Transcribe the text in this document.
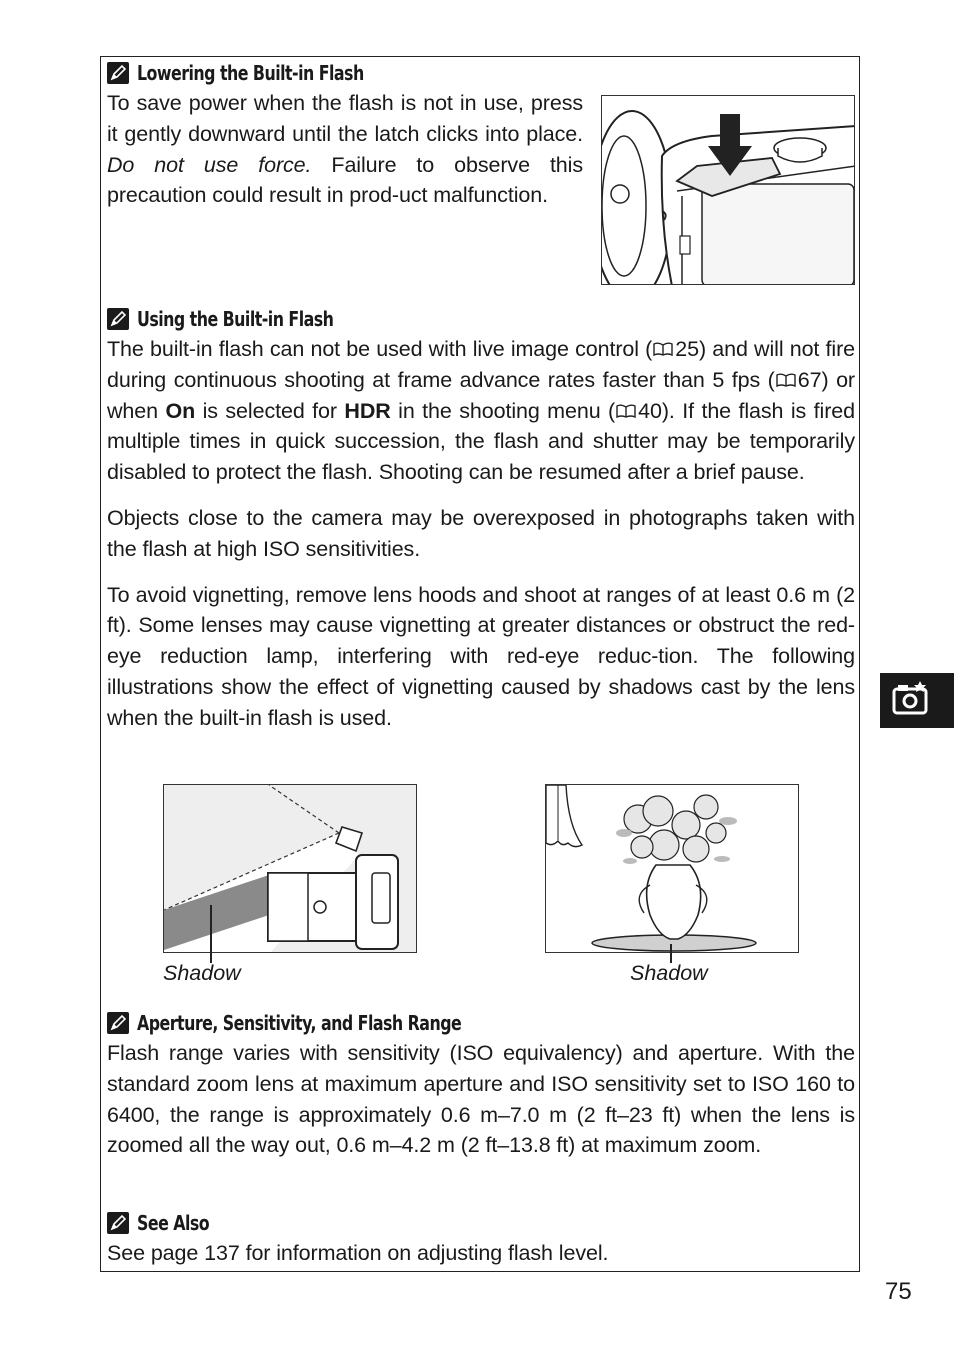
Lowering the Built-in Flash

To save power when the flash is not in use, press it gently downward until the latch clicks into place. Do not use force. Failure to observe this precaution could result in prod-uct malfunction.

Using the Built-in Flash

The built-in flash can not be used with live image control ( 25) and will not fire during continuous shooting at frame advance rates faster than 5 fps ( 67) or when On is selected for HDR in the shooting menu ( 40). If the flash is fired multiple times in quick succession, the flash and shutter may be temporarily disabled to protect the flash. Shooting can be resumed after a brief pause.

Objects close to the camera may be overexposed in photographs taken with the flash at high ISO sensitivities.

To avoid vignetting, remove lens hoods and shoot at ranges of at least 0.6 m (2 ft). Some lenses may cause vignetting at greater distances or obstruct the red-eye reduction lamp, interfering with red-eye reduc-tion. The following illustrations show the effect of vignetting caused by shadows cast by the lens when the built-in flash is used.

Shadow	Shadow
Aperture, Sensitivity, and Flash Range

Flash range varies with sensitivity (ISO equivalency) and aperture. With the standard zoom lens at maximum aperture and ISO sensitivity set to ISO 160 to 6400, the range is approximately 0.6 m–7.0 m (2 ft–23 ft) when the lens is zoomed all the way out, 0.6 m–4.2 m (2 ft–13.8 ft) at maximum zoom.

See Also

See page 137 for information on adjusting flash level.

75
